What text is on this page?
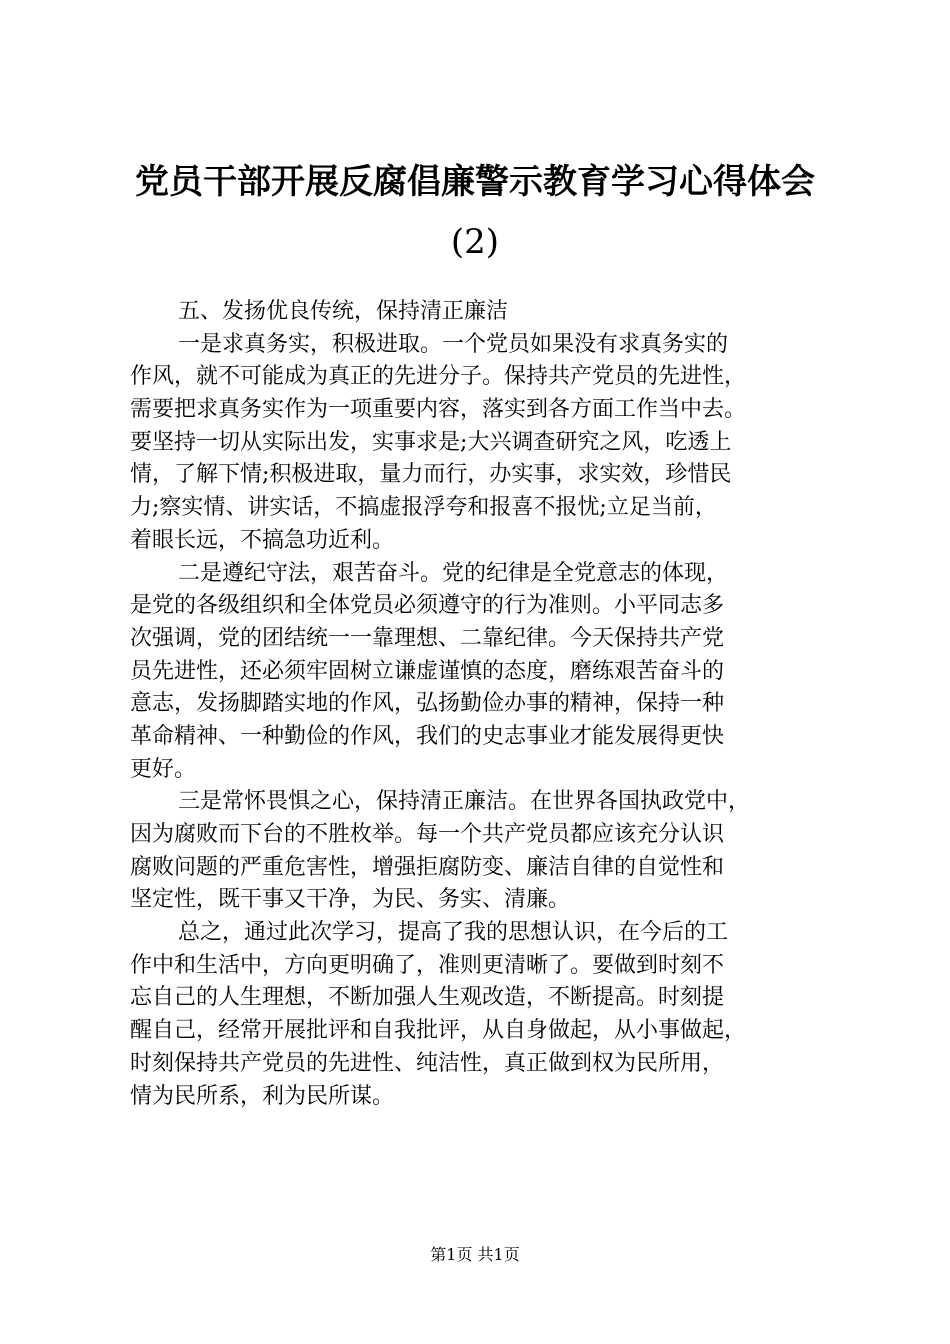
党员干部开展反腐倡廉警示教育学习心得体会
(2)
五、发扬优良传统，保持清正廉洁
一是求真务实，积极进取。一个党员如果没有求真务实的
作风，就不可能成为真正的先进分子。保持共产党员的先进性，
需要把求真务实作为一项重要内容，落实到各方面工作当中去。
要坚持一切从实际出发，实事求是;大兴调查研究之风，吃透上
情，了解下情;积极进取，量力而行，办实事，求实效，珍惜民
力;察实情、讲实话，不搞虚报浮夸和报喜不报忧;立足当前，
着眼长远，不搞急功近利。
二是遵纪守法，艰苦奋斗。党的纪律是全党意志的体现，
是党的各级组织和全体党员必须遵守的行为准则。小平同志多
次强调，党的团结统一一靠理想、二靠纪律。今天保持共产党
员先进性，还必须牢固树立谦虚谨慎的态度，磨练艰苦奋斗的
意志，发扬脚踏实地的作风，弘扬勤俭办事的精神，保持一种
革命精神、一种勤俭的作风，我们的史志事业才能发展得更快
更好。
三是常怀畏惧之心，保持清正廉洁。在世界各国执政党中，
因为腐败而下台的不胜枚举。每一个共产党员都应该充分认识
腐败问题的严重危害性，增强拒腐防变、廉洁自律的自觉性和
坚定性，既干事又干净，为民、务实、清廉。
总之，通过此次学习，提高了我的思想认识，在今后的工
作中和生活中，方向更明确了，准则更清晰了。要做到时刻不
忘自己的人生理想，不断加强人生观改造，不断提高。时刻提
醒自己，经常开展批评和自我批评，从自身做起，从小事做起，
时刻保持共产党员的先进性、纯洁性，真正做到权为民所用，
情为民所系，利为民所谋。
第1页 共1页
